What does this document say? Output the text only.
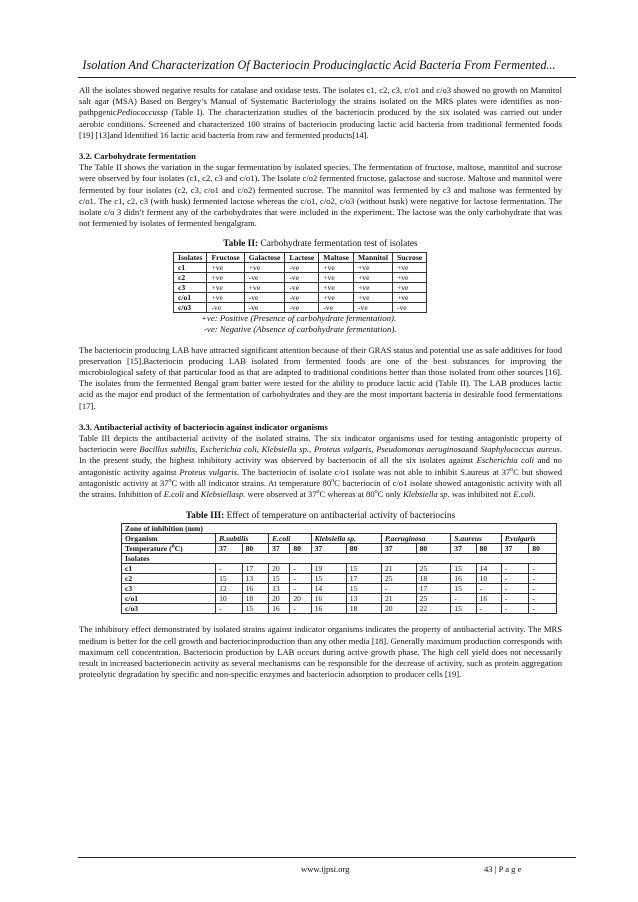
Isolation And Characterization Of Bacteriocin Producinglactic Acid Bacteria From Fermented...

All the isolates showed negative results for catalase and oxidase tests. The isolates c1, c2, c3, c/o1 and c/o3 showed no growth on Mannitol salt agar (MSA) Based on Bergey’s Manual of Systematic Bacteriology the strains isolated on the MRS plates were identifies as non-pathpgenicPediococcussp (Table I). The characterization studies of the bacteriocin produced by the six isolated was carried out under aerobic conditions. Screened and characterized 100 strains of bacteriocin producing lactic acid bacteria from traditional fermented foods [19] [13]and Identified 16 lactic acid bacteria from raw and fermented products[14].

3.2. Carbohydrate fermentation

The Table II shows the variation in the sugar fermentation by isolated species. The fermentation of fructose, maltose, mannitol and sucrose were observed by four isolates (c1, c2, c3 and c/o1). The Isolate c/o2 fermented fructose, galactose and sucrose. Maltose and mannitol were fermented by four isolates (c2, c3, c/o1 and c/o2) fermented sucrose. The mannitol was fermented by c3 and maltose was fermented by c/o1. The c1, c2, c3 (with husk) fermented lactose whereas the c/o1, c/o2, c/o3 (without husk) were negative for lactose fermentation. The isolate c/o 3 didn’t ferment any of the carbohydrates that were included in the experiment. The lactose was the only carbohydrate that was not fermented by isolates of fermented bengalgram.

Table II: Carbohydrate fermentation test of isolates
Isolates	Fructose	Galactose	Lactose	Maltose	Mannitol	Sucrose
c1	+ve	+ve	-ve	+ve	+ve	+ve
c2	+ve	-ve	-ve	+ve	+ve	+ve
c3	+ve	+ve	-ve	+ve	+ve	+ve
c/o1	+ve	-ve	-ve	+ve	+ve	+ve
c/o3	-ve	-ve	-ve	-ve	-ve	-ve
+ve: Positive (Presence of carbohydrate fermentation).
-ve: Negative (Absence of carbohydrate fermentation).

The bacteriocin producing LAB have attracted significant attention because of their GRAS status and potential use as safe additives for food preservation [15].Bacteriocin producing LAB isolated from fermented foods are one of the best substances for improving the microbiological safety of that particular food as that are adapted to traditional conditions better than those isolated from other sources [16]. The isolates from the fermented Bengal gram batter were tested for the ability to produce lactic acid (Table II). The LAB produces lactic acid as the major end product of the fermentation of carbohydrates and they are the most important bacteria in desirable food fermentations [17].

3.3. Antibacterial activity of bacteriocin against indicator organisms

Table III depicts the antibacterial activity of the isolated strains. The six indicator organisms used for testing antagonistic property of bacteriocin were Bacillus subtilis, Escherichia coli, Klebsiella sp., Proteus vulgaris, Pseudomonas aeruginosaand Staphylococcus aureus. In the present study, the highest inhibitory activity was observed by bacteriocin of all the six isolates against Escherichia coli and no antagonistic activity against Proteus vulgaris. The bacteriocin of isolate c/o1 isolate was not able to inhibit S.aureus at 37$^o$C but showed antagonistic activity at 37$^o$C with all indicator strains. At temperature 80$^o$C bacteriocin of c/o1 isolate showed antagonistic activity with all the strains. Inhibition of E.coli and Klebsiellasp. were observed at 37$^o$C whereas at 80$^o$C only Klebsiella sp. was inhibited not E.coli.

Table III: Effect of temperature on antibacterial activity of bacteriocins
Zone of inhibition (mm)												
Organism	B.subtilis		E.coli		Klebsiella sp.		P.aeruginosa		S.aureus		P.vulgaris	
Temperature ($^o$C)	37	80	37	80	37	80	37	80	37	80	37	80
Isolates												
c1	-	17	20	-	19	15	21	25	15	14	-	-
c2	15	13	15	-	15	17	25	18	16	10	-	-
c3	12	16	13	-	14	15	-	17	15	-	-	-
c/o1	10	18	20	20	16	13	21	25	-	16	-	-
c/o3	-	15	16	-	16	18	20	22	15	-	-	-

The inhibitory effect demonstrated by isolated strains against indicator organisms indicates the property of antibacterial activity. The MRS medium is better for the cell growth and bacteriocinproduction than any other media [18]. Generally maximum production corresponds with maximum cell concentration. Bacteriocin production by LAB occurs during active growth phase. The high cell yield does not necessarily result in increased bacterionecin activity as several mechanisms can be responsible for the decrease of activity, such as protein aggregation proteolytic degradation by specific and non-specific enzymes and bacteriocin adsorption to producer cells [19].

www.ijpsi.org	43 | P a g e
